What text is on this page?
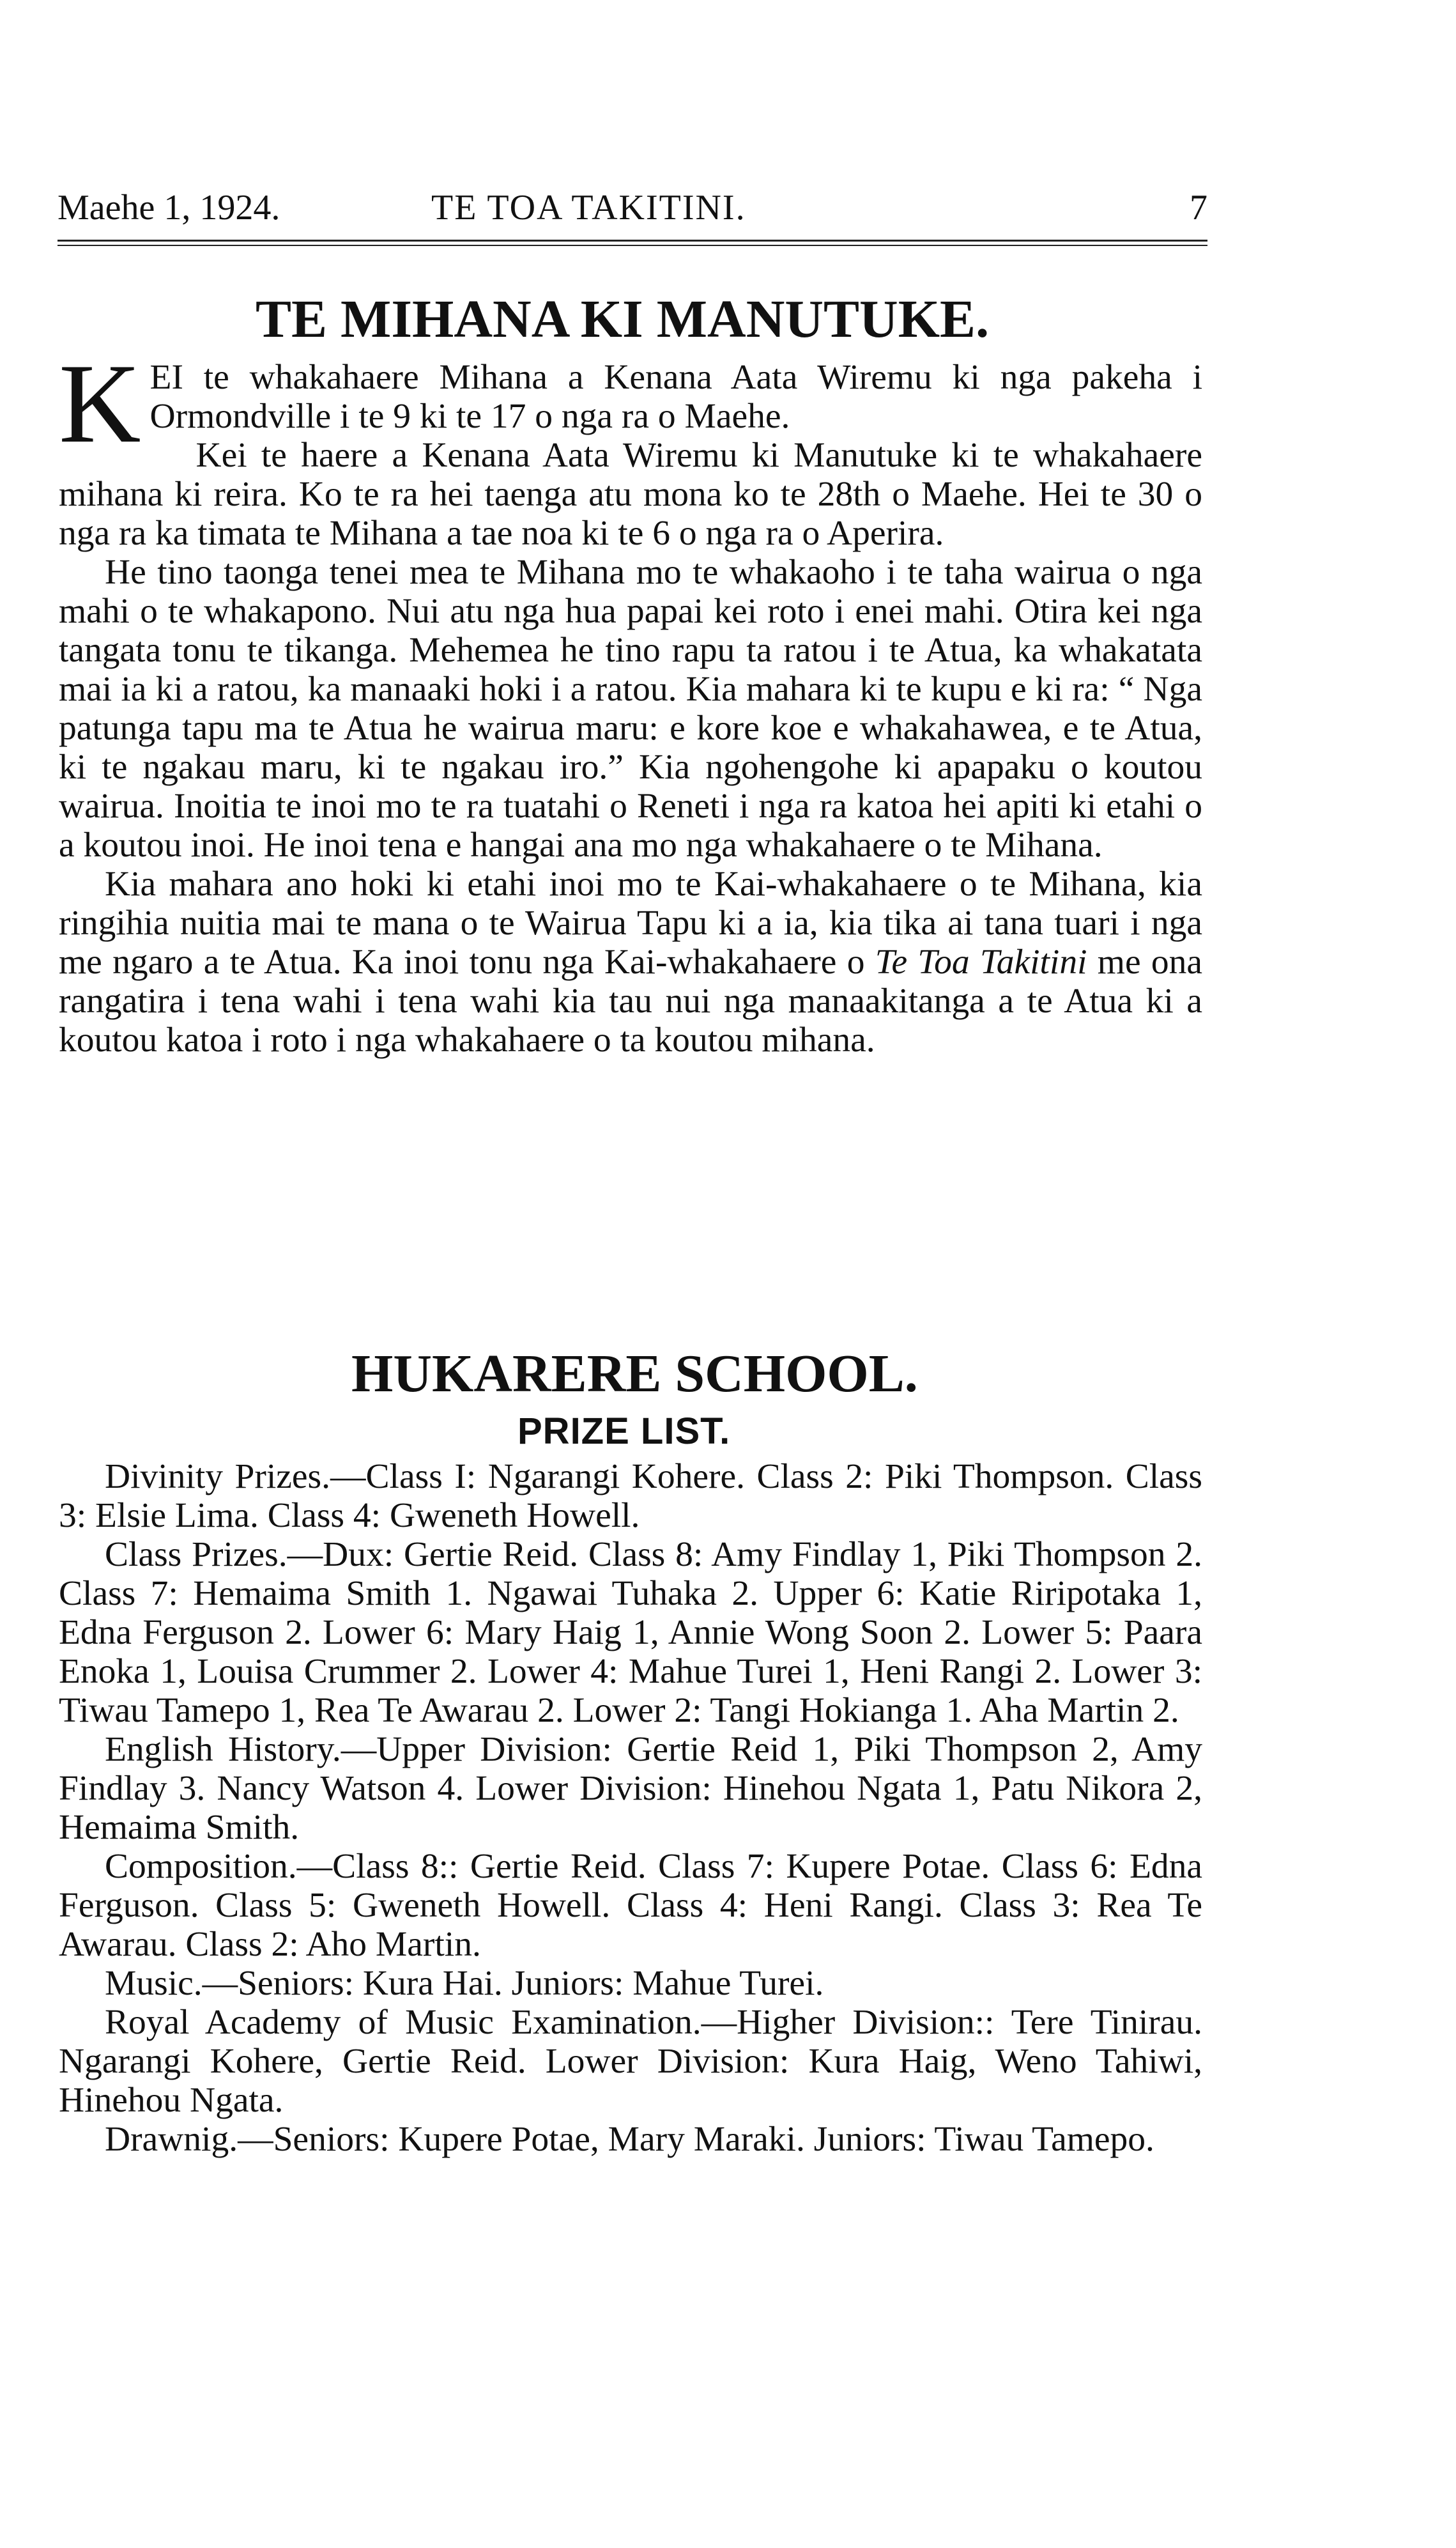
Maehe 1, 1924.	TE TOA TAKITINI.	7
TE MIHANA KI MANUTUKE.

KEI te whakahaere Mihana a Kenana Aata Wiremu ki nga pakeha i Ormondville i te 9 ki te 17 o nga ra o Maehe.

Kei te haere a Kenana Aata Wiremu ki Manutuke ki te whakahaere mihana ki reira. Ko te ra hei taenga atu mona ko te 28th o Maehe. Hei te 30 o nga ra ka timata te Mihana a tae noa ki te 6 o nga ra o Aperira.

He tino taonga tenei mea te Mihana mo te whakaoho i te taha wairua o nga mahi o te whakapono. Nui atu nga hua papai kei roto i enei mahi. Otira kei nga tangata tonu te tikanga. Mehemea he tino rapu ta ratou i te Atua, ka whakatata mai ia ki a ratou, ka manaaki hoki i a ratou. Kia mahara ki te kupu e ki ra: “ Nga patunga tapu ma te Atua he wairua maru: e kore koe e whakahawea, e te Atua, ki te ngakau maru, ki te ngakau iro.” Kia ngohengohe ki apapaku o koutou wairua. Inoitia te inoi mo te ra tuatahi o Reneti i nga ra katoa hei apiti ki etahi o a koutou inoi. He inoi tena e hangai ana mo nga whakahaere o te Mihana.

Kia mahara ano hoki ki etahi inoi mo te Kai-whakahaere o te Mihana, kia ringihia nuitia mai te mana o te Wairua Tapu ki a ia, kia tika ai tana tuari i nga me ngaro a te Atua. Ka inoi tonu nga Kai-whakahaere o Te Toa Takitini me ona rangatira i tena wahi i tena wahi kia tau nui nga manaakitanga a te Atua ki a koutou katoa i roto i nga whakahaere o ta koutou mihana.

HUKARERE SCHOOL.
PRIZE LIST.

Divinity Prizes.—Class I: Ngarangi Kohere. Class 2: Piki Thompson. Class 3: Elsie Lima. Class 4: Gweneth Howell.

Class Prizes.—Dux: Gertie Reid. Class 8: Amy Findlay 1, Piki Thompson 2. Class 7: Hemaima Smith 1. Ngawai Tuhaka 2. Upper 6: Katie Riripotaka 1, Edna Ferguson 2. Lower 6: Mary Haig 1, Annie Wong Soon 2. Lower 5: Paara Enoka 1, Louisa Crummer 2. Lower 4: Mahue Turei 1, Heni Rangi 2. Lower 3: Tiwau Tamepo 1, Rea Te Awarau 2. Lower 2: Tangi Hokianga 1. Aha Martin 2.

English History.—Upper Division: Gertie Reid 1, Piki Thompson 2, Amy Findlay 3. Nancy Watson 4. Lower Division: Hinehou Ngata 1, Patu Nikora 2, Hemaima Smith.

Composition.—Class 8:: Gertie Reid. Class 7: Kupere Potae. Class 6: Edna Ferguson. Class 5: Gweneth Howell. Class 4: Heni Rangi. Class 3: Rea Te Awarau. Class 2: Aho Martin.

Music.—Seniors: Kura Hai. Juniors: Mahue Turei.

Royal Academy of Music Examination.—Higher Division:: Tere Tinirau. Ngarangi Kohere, Gertie Reid. Lower Division: Kura Haig, Weno Tahiwi, Hinehou Ngata.

Drawnig.—Seniors: Kupere Potae, Mary Maraki. Juniors: Tiwau Tamepo.
